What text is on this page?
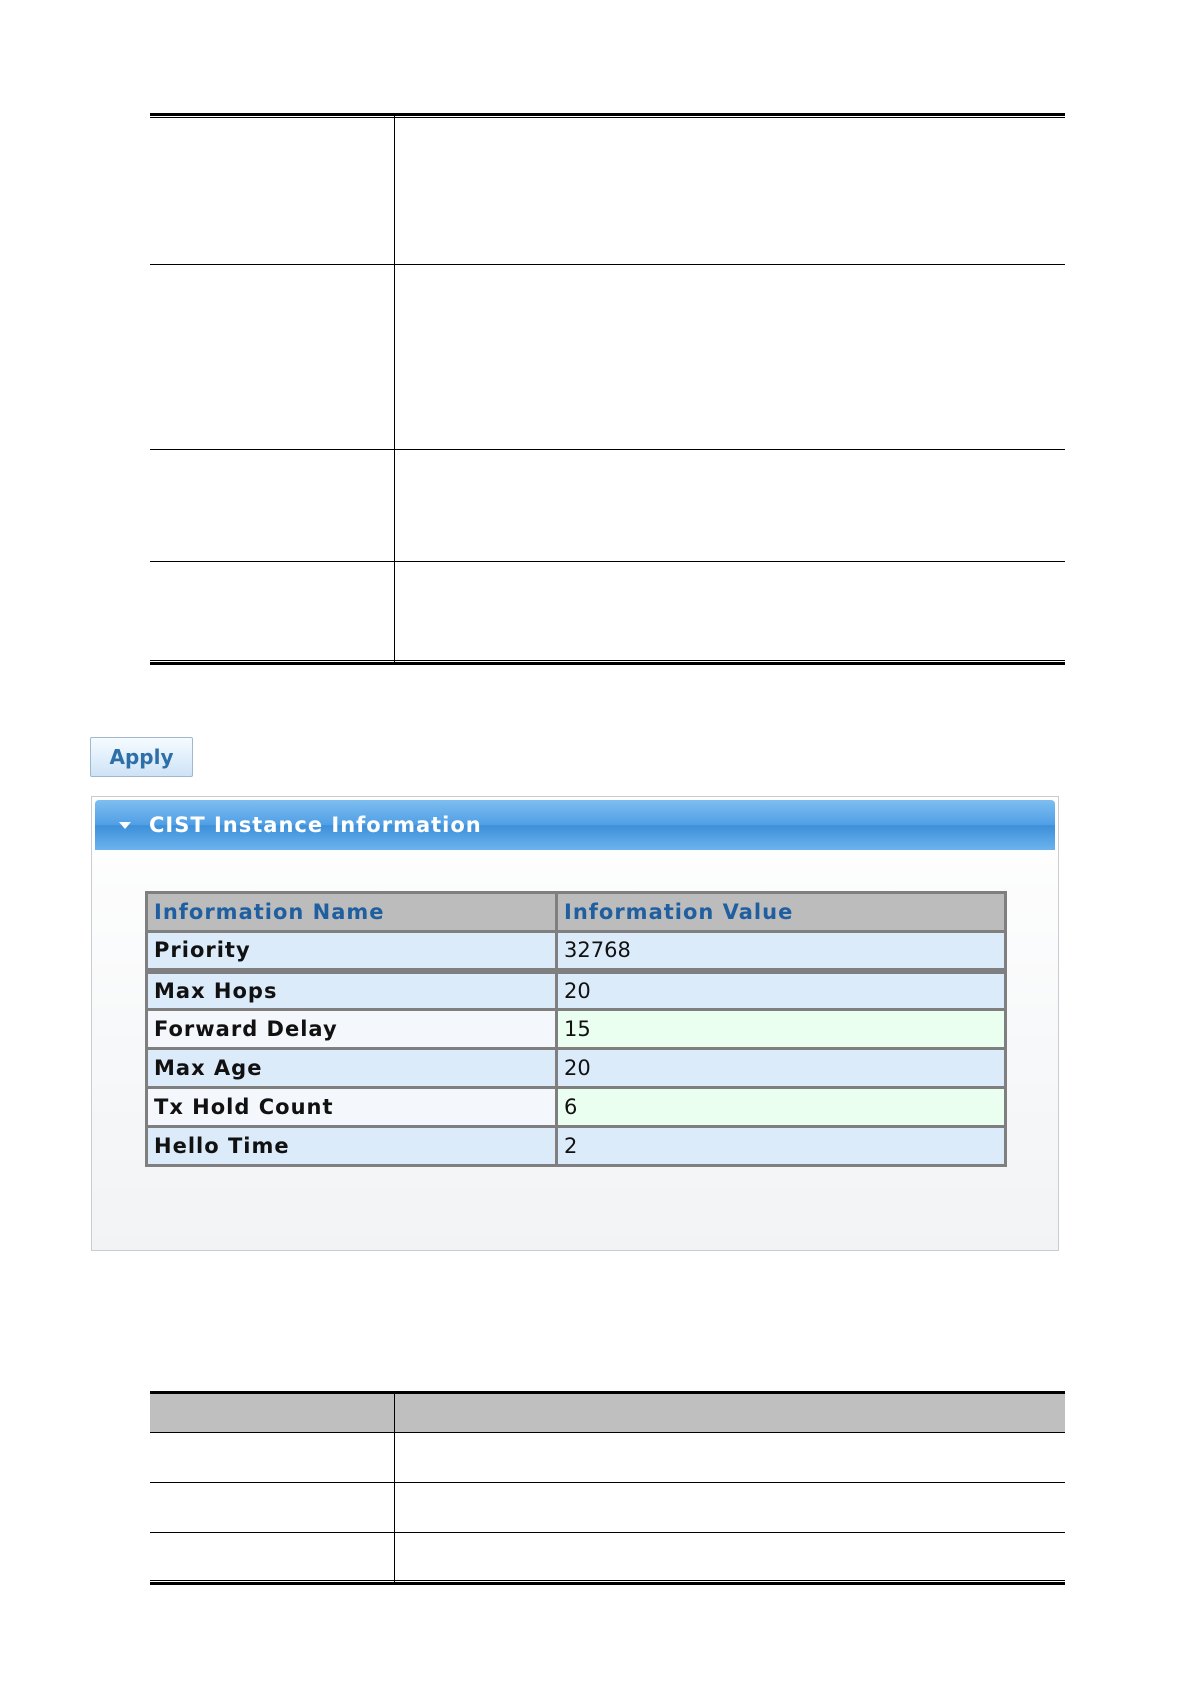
Apply
CIST Instance Information
Information Name	Information Value
Priority	32768
Max Hops	20
Forward Delay	15
Max Age	20
Tx Hold Count	6
Hello Time	2
